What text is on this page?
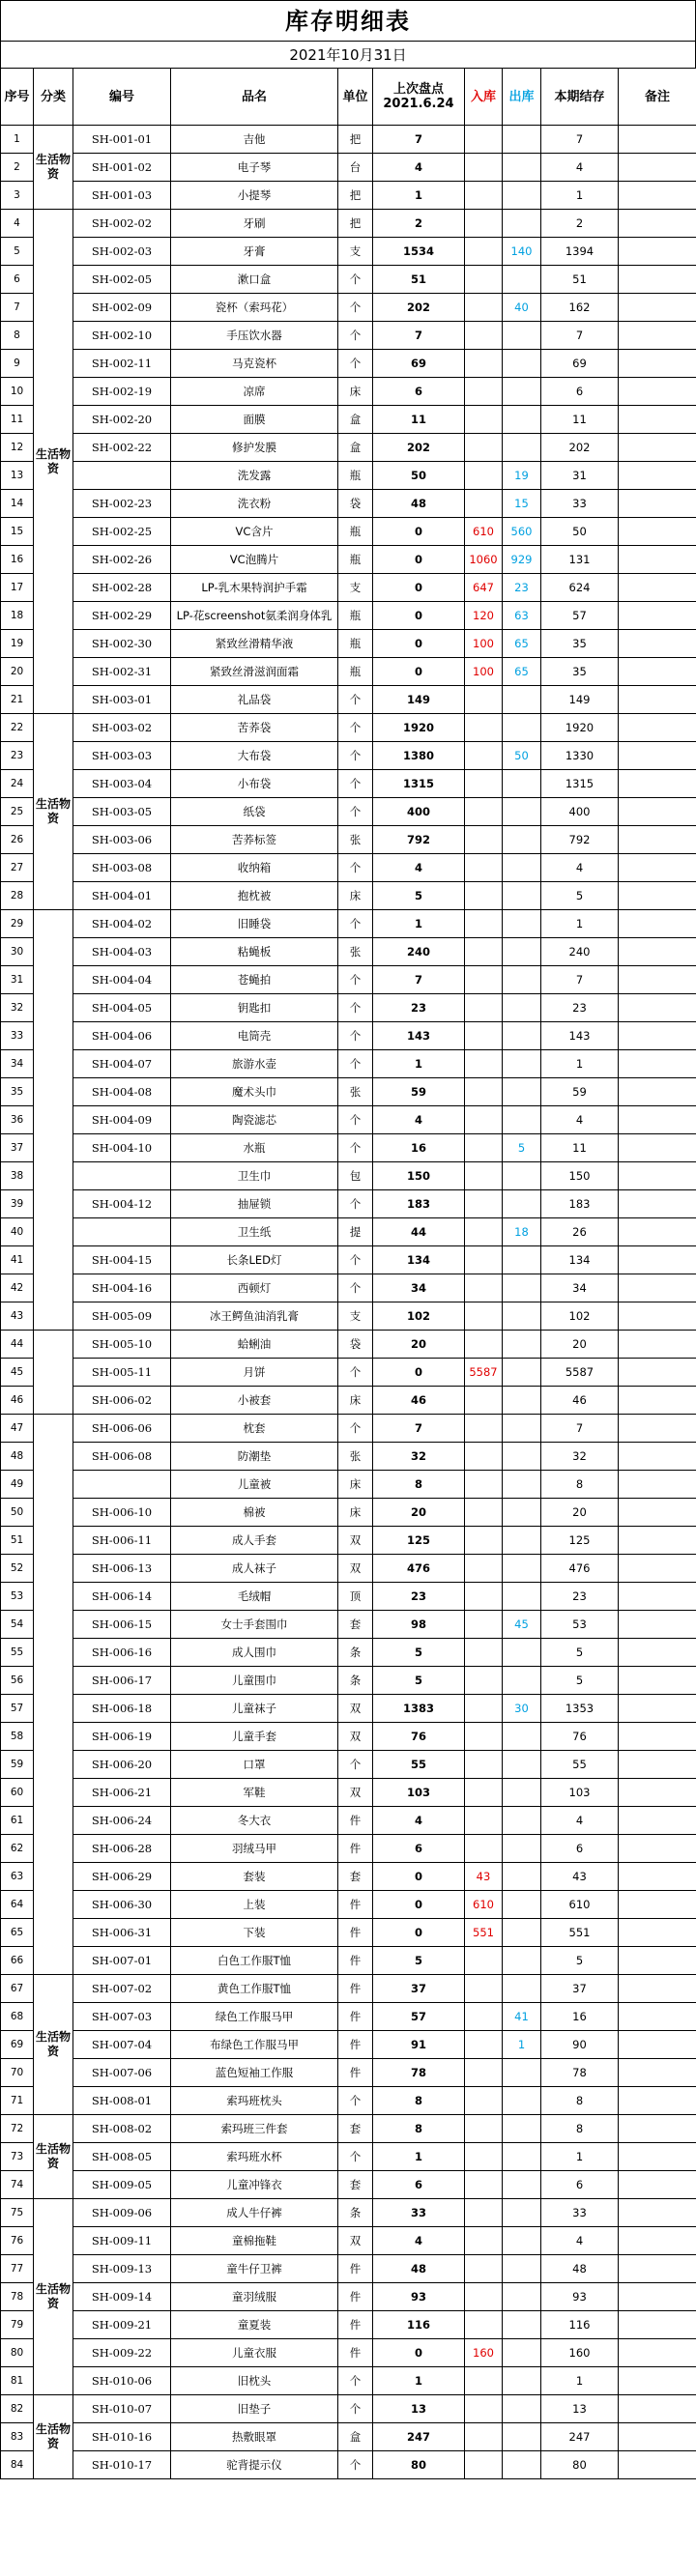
库存明细表
2021年10月31日
序号	分类	编号	品名	单位	上次盘点
2021.6.24	入库	出库	本期结存	备注
1	生活物资	SH-001-01	吉他	把	7			7	
2		SH-001-02	电子琴	台	4			4	
3		SH-001-03	小提琴	把	1			1	
4	生活物资	SH-002-02	牙刷	把	2			2	
5		SH-002-03	牙膏	支	1534		140	1394	
6		SH-002-05	漱口盒	个	51			51	
7		SH-002-09	瓷杯（索玛花）	个	202		40	162	
8		SH-002-10	手压饮水器	个	7			7	
9		SH-002-11	马克瓷杯	个	69			69	
10		SH-002-19	凉席	床	6			6	
11		SH-002-20	面膜	盒	11			11	
12		SH-002-22	修护发膜	盒	202			202	
13			洗发露	瓶	50		19	31	
14		SH-002-23	洗衣粉	袋	48		15	33	
15		SH-002-25	VC含片	瓶	0	610	560	50	
16		SH-002-26	VC泡腾片	瓶	0	1060	929	131	
17		SH-002-28	LP-乳木果特润护手霜	支	0	647	23	624	
18		SH-002-29	LP-花screenshot氨柔润身体乳	瓶	0	120	63	57	
19		SH-002-30	紧致丝滑精华液	瓶	0	100	65	35	
20		SH-002-31	紧致丝滑滋润面霜	瓶	0	100	65	35	
21		SH-003-01	礼品袋	个	149			149	
22	生活物资	SH-003-02	苦荞袋	个	1920			1920	
23		SH-003-03	大布袋	个	1380		50	1330	
24		SH-003-04	小布袋	个	1315			1315	
25		SH-003-05	纸袋	个	400			400	
26		SH-003-06	苦荞标签	张	792			792	
27		SH-003-08	收纳箱	个	4			4	
28		SH-004-01	抱枕被	床	5			5	
29		SH-004-02	旧睡袋	个	1			1	
30		SH-004-03	粘蝇板	张	240			240	
31		SH-004-04	苍蝇拍	个	7			7	
32		SH-004-05	钥匙扣	个	23			23	
33		SH-004-06	电筒壳	个	143			143	
34		SH-004-07	旅游水壶	个	1			1	
35		SH-004-08	魔术头巾	张	59			59	
36		SH-004-09	陶瓷滤芯	个	4			4	
37		SH-004-10	水瓶	个	16		5	11	
38			卫生巾	包	150			150	
39		SH-004-12	抽屉锁	个	183			183	
40			卫生纸	提	44		18	26	
41		SH-004-15	长条LED灯	个	134			134	
42		SH-004-16	西顿灯	个	34			34	
43		SH-005-09	冰王鳄鱼油消乳膏	支	102			102	
44		SH-005-10	蛤蜊油	袋	20			20	
45		SH-005-11	月饼	个	0	5587		5587	
46		SH-006-02	小被套	床	46			46	
47		SH-006-06	枕套	个	7			7	
48		SH-006-08	防潮垫	张	32			32	
49			儿童被	床	8			8	
50		SH-006-10	棉被	床	20			20	
51		SH-006-11	成人手套	双	125			125	
52		SH-006-13	成人袜子	双	476			476	
53		SH-006-14	毛绒帽	顶	23			23	
54		SH-006-15	女士手套围巾	套	98		45	53	
55		SH-006-16	成人围巾	条	5			5	
56		SH-006-17	儿童围巾	条	5			5	
57		SH-006-18	儿童袜子	双	1383		30	1353	
58		SH-006-19	儿童手套	双	76			76	
59		SH-006-20	口罩	个	55			55	
60		SH-006-21	军鞋	双	103			103	
61		SH-006-24	冬大衣	件	4			4	
62		SH-006-28	羽绒马甲	件	6			6	
63		SH-006-29	套装	套	0	43		43	
64		SH-006-30	上装	件	0	610		610	
65		SH-006-31	下装	件	0	551		551	
66		SH-007-01	白色工作服T恤	件	5			5	
67	生活物资	SH-007-02	黄色工作服T恤	件	37			37	
68		SH-007-03	绿色工作服马甲	件	57		41	16	
69		SH-007-04	布绿色工作服马甲	件	91		1	90	
70		SH-007-06	蓝色短袖工作服	件	78			78	
71		SH-008-01	索玛班枕头	个	8			8	
72	生活物资	SH-008-02	索玛班三件套	套	8			8	
73		SH-008-05	索玛班水杯	个	1			1	
74		SH-009-05	儿童冲锋衣	套	6			6	
75	生活物资	SH-009-06	成人牛仔裤	条	33			33	
76		SH-009-11	童棉拖鞋	双	4			4	
77		SH-009-13	童牛仔卫裤	件	48			48	
78		SH-009-14	童羽绒服	件	93			93	
79		SH-009-21	童夏装	件	116			116	
80		SH-009-22	儿童衣服	件	0	160		160	
81		SH-010-06	旧枕头	个	1			1	
82	生活物资	SH-010-07	旧垫子	个	13			13	
83		SH-010-16	热敷眼罩	盒	247			247	
84		SH-010-17	驼背提示仪	个	80			80	
